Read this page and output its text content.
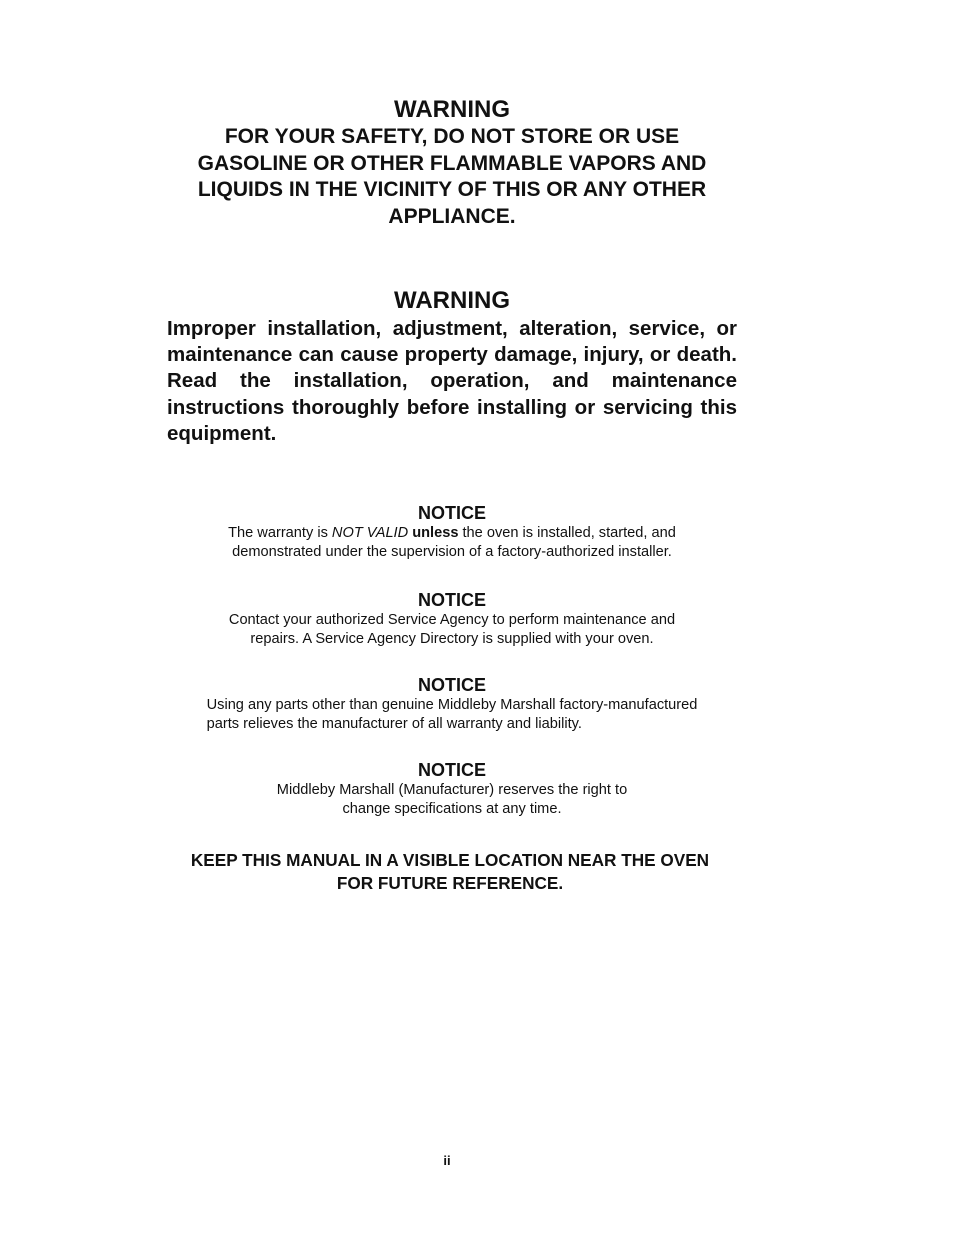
WARNING

FOR YOUR SAFETY, DO NOT STORE OR USE

GASOLINE OR OTHER FLAMMABLE VAPORS AND

LIQUIDS IN THE VICINITY OF THIS OR ANY OTHER

APPLIANCE.

WARNING

Improper installation, adjustment, alteration, service, or maintenance can cause property damage, injury, or death. Read the installation, operation, and maintenance instructions thoroughly before installing or servicing this equipment.

NOTICE

The warranty is NOT VALID unless the oven is installed, started, and

demonstrated under the supervision of a factory-authorized installer.

NOTICE

Contact your authorized Service Agency to perform maintenance and

repairs. A Service Agency Directory is supplied with your oven.

NOTICE

Using any parts other than genuine Middleby Marshall factory-manufactured

parts relieves the manufacturer of all warranty and liability.

NOTICE

Middleby Marshall (Manufacturer) reserves the right to

change specifications at any time.

KEEP THIS MANUAL IN A VISIBLE LOCATION NEAR THE OVEN

FOR FUTURE REFERENCE.

ii
